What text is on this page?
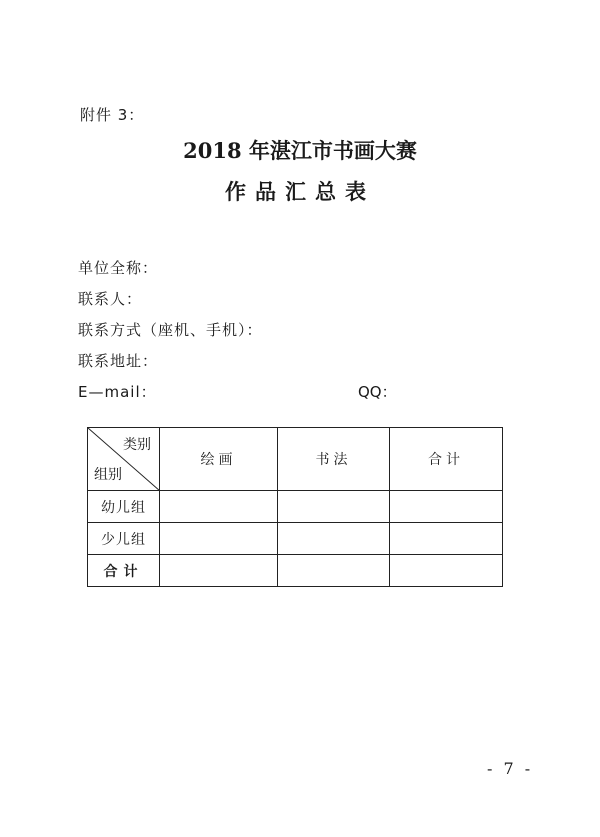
附件 3：
2018 年湛江市书画大赛
作品汇总表
单位全称：
联系人：
联系方式（座机、手机）：
联系地址：
E—mail：	QQ：
类别
组别	绘画	书法	合计
幼儿组			
少儿组			
合计			
- 7 -
